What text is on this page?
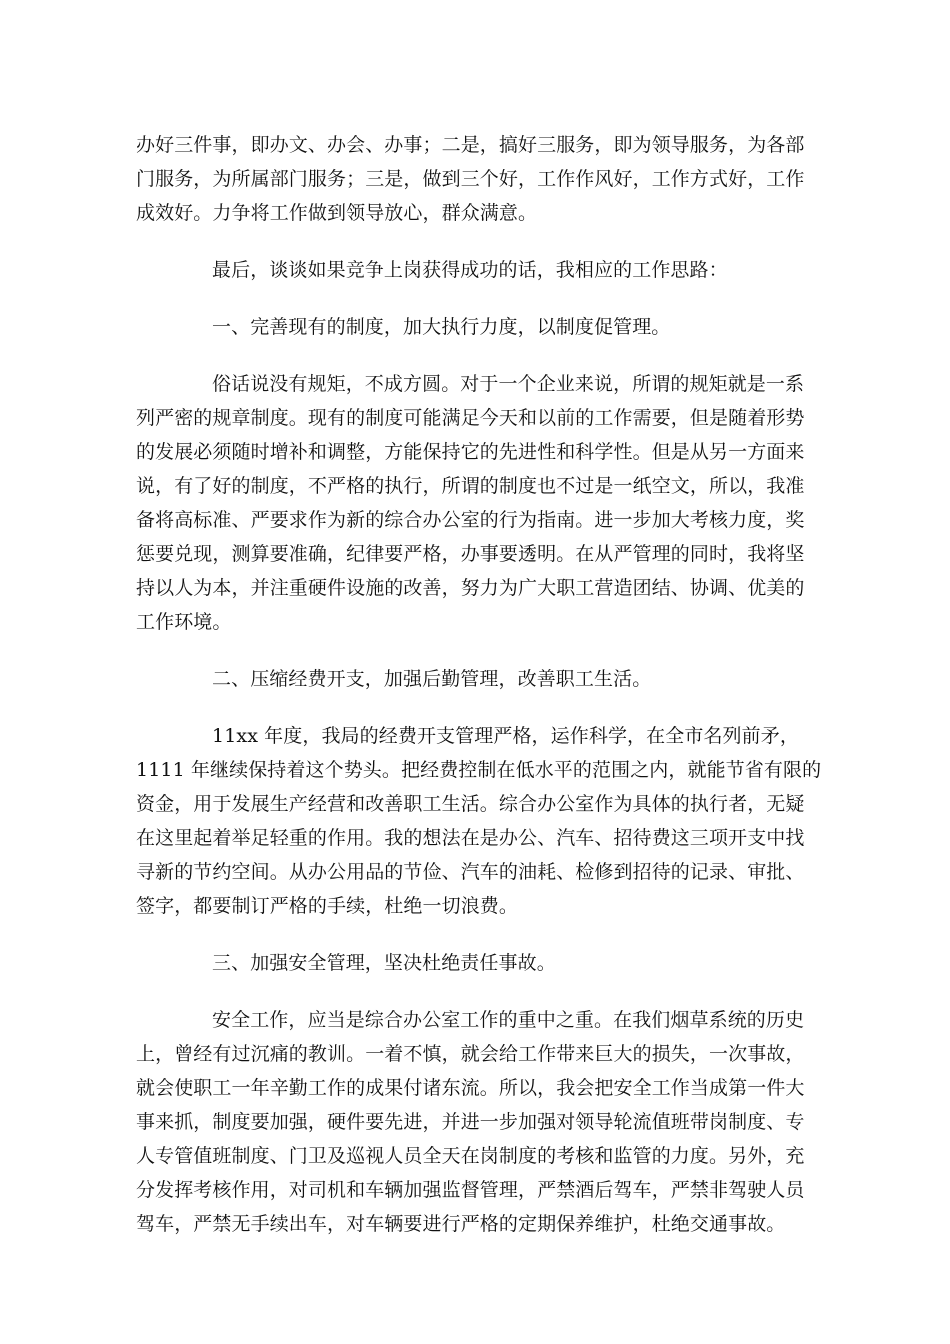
办好三件事，即办文、办会、办事；二是，搞好三服务，即为领导服务，为各部
门服务，为所属部门服务；三是，做到三个好，工作作风好，工作方式好，工作
成效好。力争将工作做到领导放心，群众满意。

最后，谈谈如果竞争上岗获得成功的话，我相应的工作思路：

一、完善现有的制度，加大执行力度，以制度促管理。

俗话说没有规矩，不成方圆。对于一个企业来说，所谓的规矩就是一系
列严密的规章制度。现有的制度可能满足今天和以前的工作需要，但是随着形势
的发展必须随时增补和调整，方能保持它的先进性和科学性。但是从另一方面来
说，有了好的制度，不严格的执行，所谓的制度也不过是一纸空文，所以，我准
备将高标准、严要求作为新的综合办公室的行为指南。进一步加大考核力度，奖
惩要兑现，测算要准确，纪律要严格，办事要透明。在从严管理的同时，我将坚
持以人为本，并注重硬件设施的改善，努力为广大职工营造团结、协调、优美的
工作环境。

二、压缩经费开支，加强后勤管理，改善职工生活。

11xx 年度，我局的经费开支管理严格，运作科学，在全市名列前矛，
1111 年继续保持着这个势头。把经费控制在低水平的范围之内，就能节省有限的
资金，用于发展生产经营和改善职工生活。综合办公室作为具体的执行者，无疑
在这里起着举足轻重的作用。我的想法在是办公、汽车、招待费这三项开支中找
寻新的节约空间。从办公用品的节俭、汽车的油耗、检修到招待的记录、审批、
签字，都要制订严格的手续，杜绝一切浪费。

三、加强安全管理，坚决杜绝责任事故。

安全工作，应当是综合办公室工作的重中之重。在我们烟草系统的历史
上，曾经有过沉痛的教训。一着不慎，就会给工作带来巨大的损失，一次事故，
就会使职工一年辛勤工作的成果付诸东流。所以，我会把安全工作当成第一件大
事来抓，制度要加强，硬件要先进，并进一步加强对领导轮流值班带岗制度、专
人专管值班制度、门卫及巡视人员全天在岗制度的考核和监管的力度。另外，充
分发挥考核作用，对司机和车辆加强监督管理，严禁酒后驾车，严禁非驾驶人员
驾车，严禁无手续出车，对车辆要进行严格的定期保养维护，杜绝交通事故。
